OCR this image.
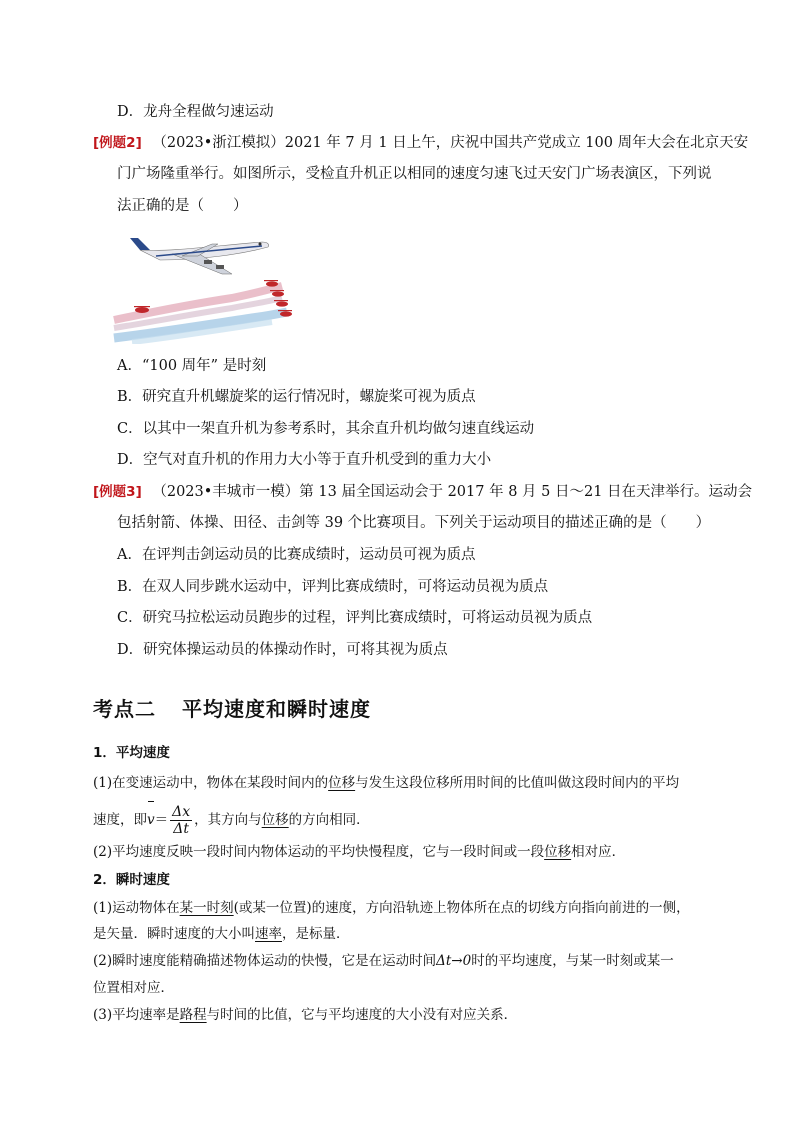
D．龙舟全程做匀速运动
[例题2] （2023•浙江模拟）2021 年 7 月 1 日上午，庆祝中国共产党成立 100 周年大会在北京天安
门广场隆重举行。如图所示，受检直升机正以相同的速度匀速飞过天安门广场表演区，下列说
法正确的是（　　）
A．“100 周年” 是时刻
B．研究直升机螺旋桨的运行情况时，螺旋桨可视为质点
C．以其中一架直升机为参考系时，其余直升机均做匀速直线运动
D．空气对直升机的作用力大小等于直升机受到的重力大小
[例题3] （2023•丰城市一模）第 13 届全国运动会于 2017 年 8 月 5 日～21 日在天津举行。运动会
包括射箭、体操、田径、击剑等 39 个比赛项目。下列关于运动项目的描述正确的是（　　）
A．在评判击剑运动员的比赛成绩时，运动员可视为质点
B．在双人同步跳水运动中，评判比赛成绩时，可将运动员视为质点
C．研究马拉松运动员跑步的过程，评判比赛成绩时，可将运动员视为质点
D．研究体操运动员的体操动作时，可将其视为质点
考点二 平均速度和瞬时速度
1．平均速度
(1)在变速运动中，物体在某段时间内的位移与发生这段位移所用时间的比值叫做这段时间内的平均
速度，即$v= \frac{\Delta x}{\Delta t}$ ，其方向与位移的方向相同．
(2)平均速度反映一段时间内物体运动的平均快慢程度，它与一段时间或一段位移相对应．
2．瞬时速度
(1)运动物体在某一时刻(或某一位置)的速度，方向沿轨迹上物体所在点的切线方向指向前进的一侧，
是矢量．瞬时速度的大小叫速率，是标量．
(2)瞬时速度能精确描述物体运动的快慢，它是在运动时间Δt→0时的平均速度，与某一时刻或某一
位置相对应．
(3)平均速率是路程与时间的比值，它与平均速度的大小没有对应关系．
